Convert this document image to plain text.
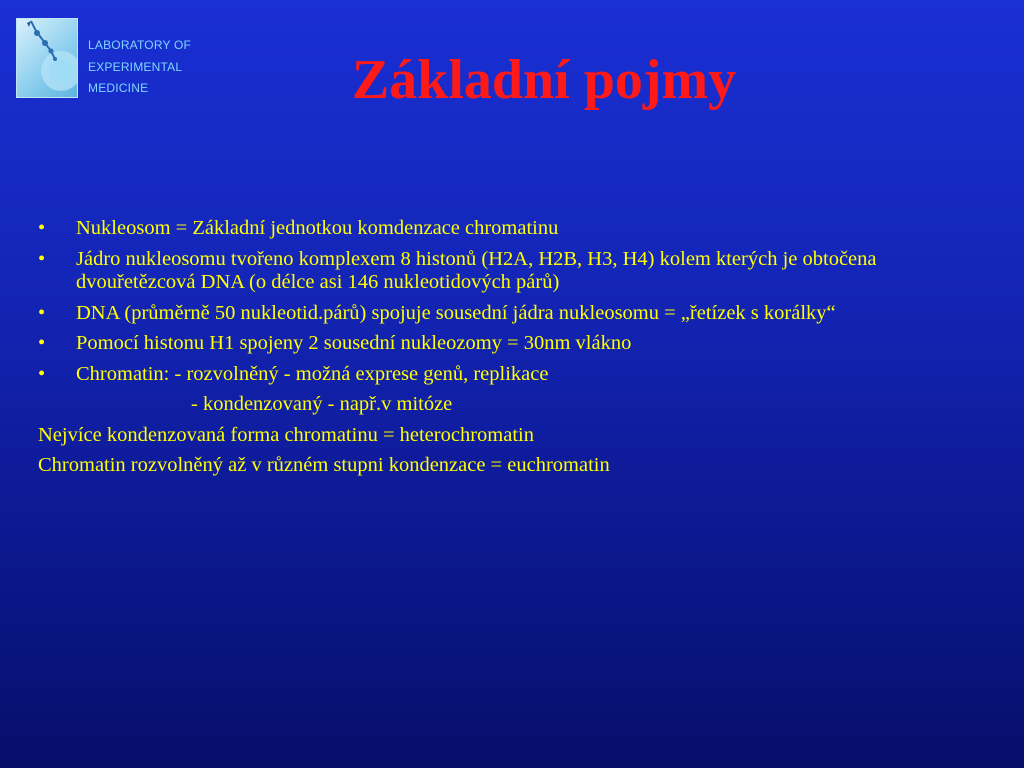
LABORATORY OF
EXPERIMENTAL
MEDICINE	Základní pojmy
• Nukleosom = Základní jednotkou komdenzace chromatinu
• Jádro nukleosomu tvořeno komplexem 8 histonů (H2A, H2B, H3, H4) kolem kterých je obtočena dvouřetězcová DNA (o délce asi 146 nukleotidových párů)
• DNA (průměrně 50 nukleotid.párů) spojuje sousední jádra nukleosomu = „řetízek s korálky“
• Pomocí histonu H1 spojeny 2 sousední nukleozomy = 30nm vlákno
• Chromatin: - rozvolněný - možná exprese genů, replikace
- kondenzovaný - např.v mitóze
Nejvíce kondenzovaná forma chromatinu = heterochromatin
Chromatin rozvolněný až v různém stupni kondenzace = euchromatin
